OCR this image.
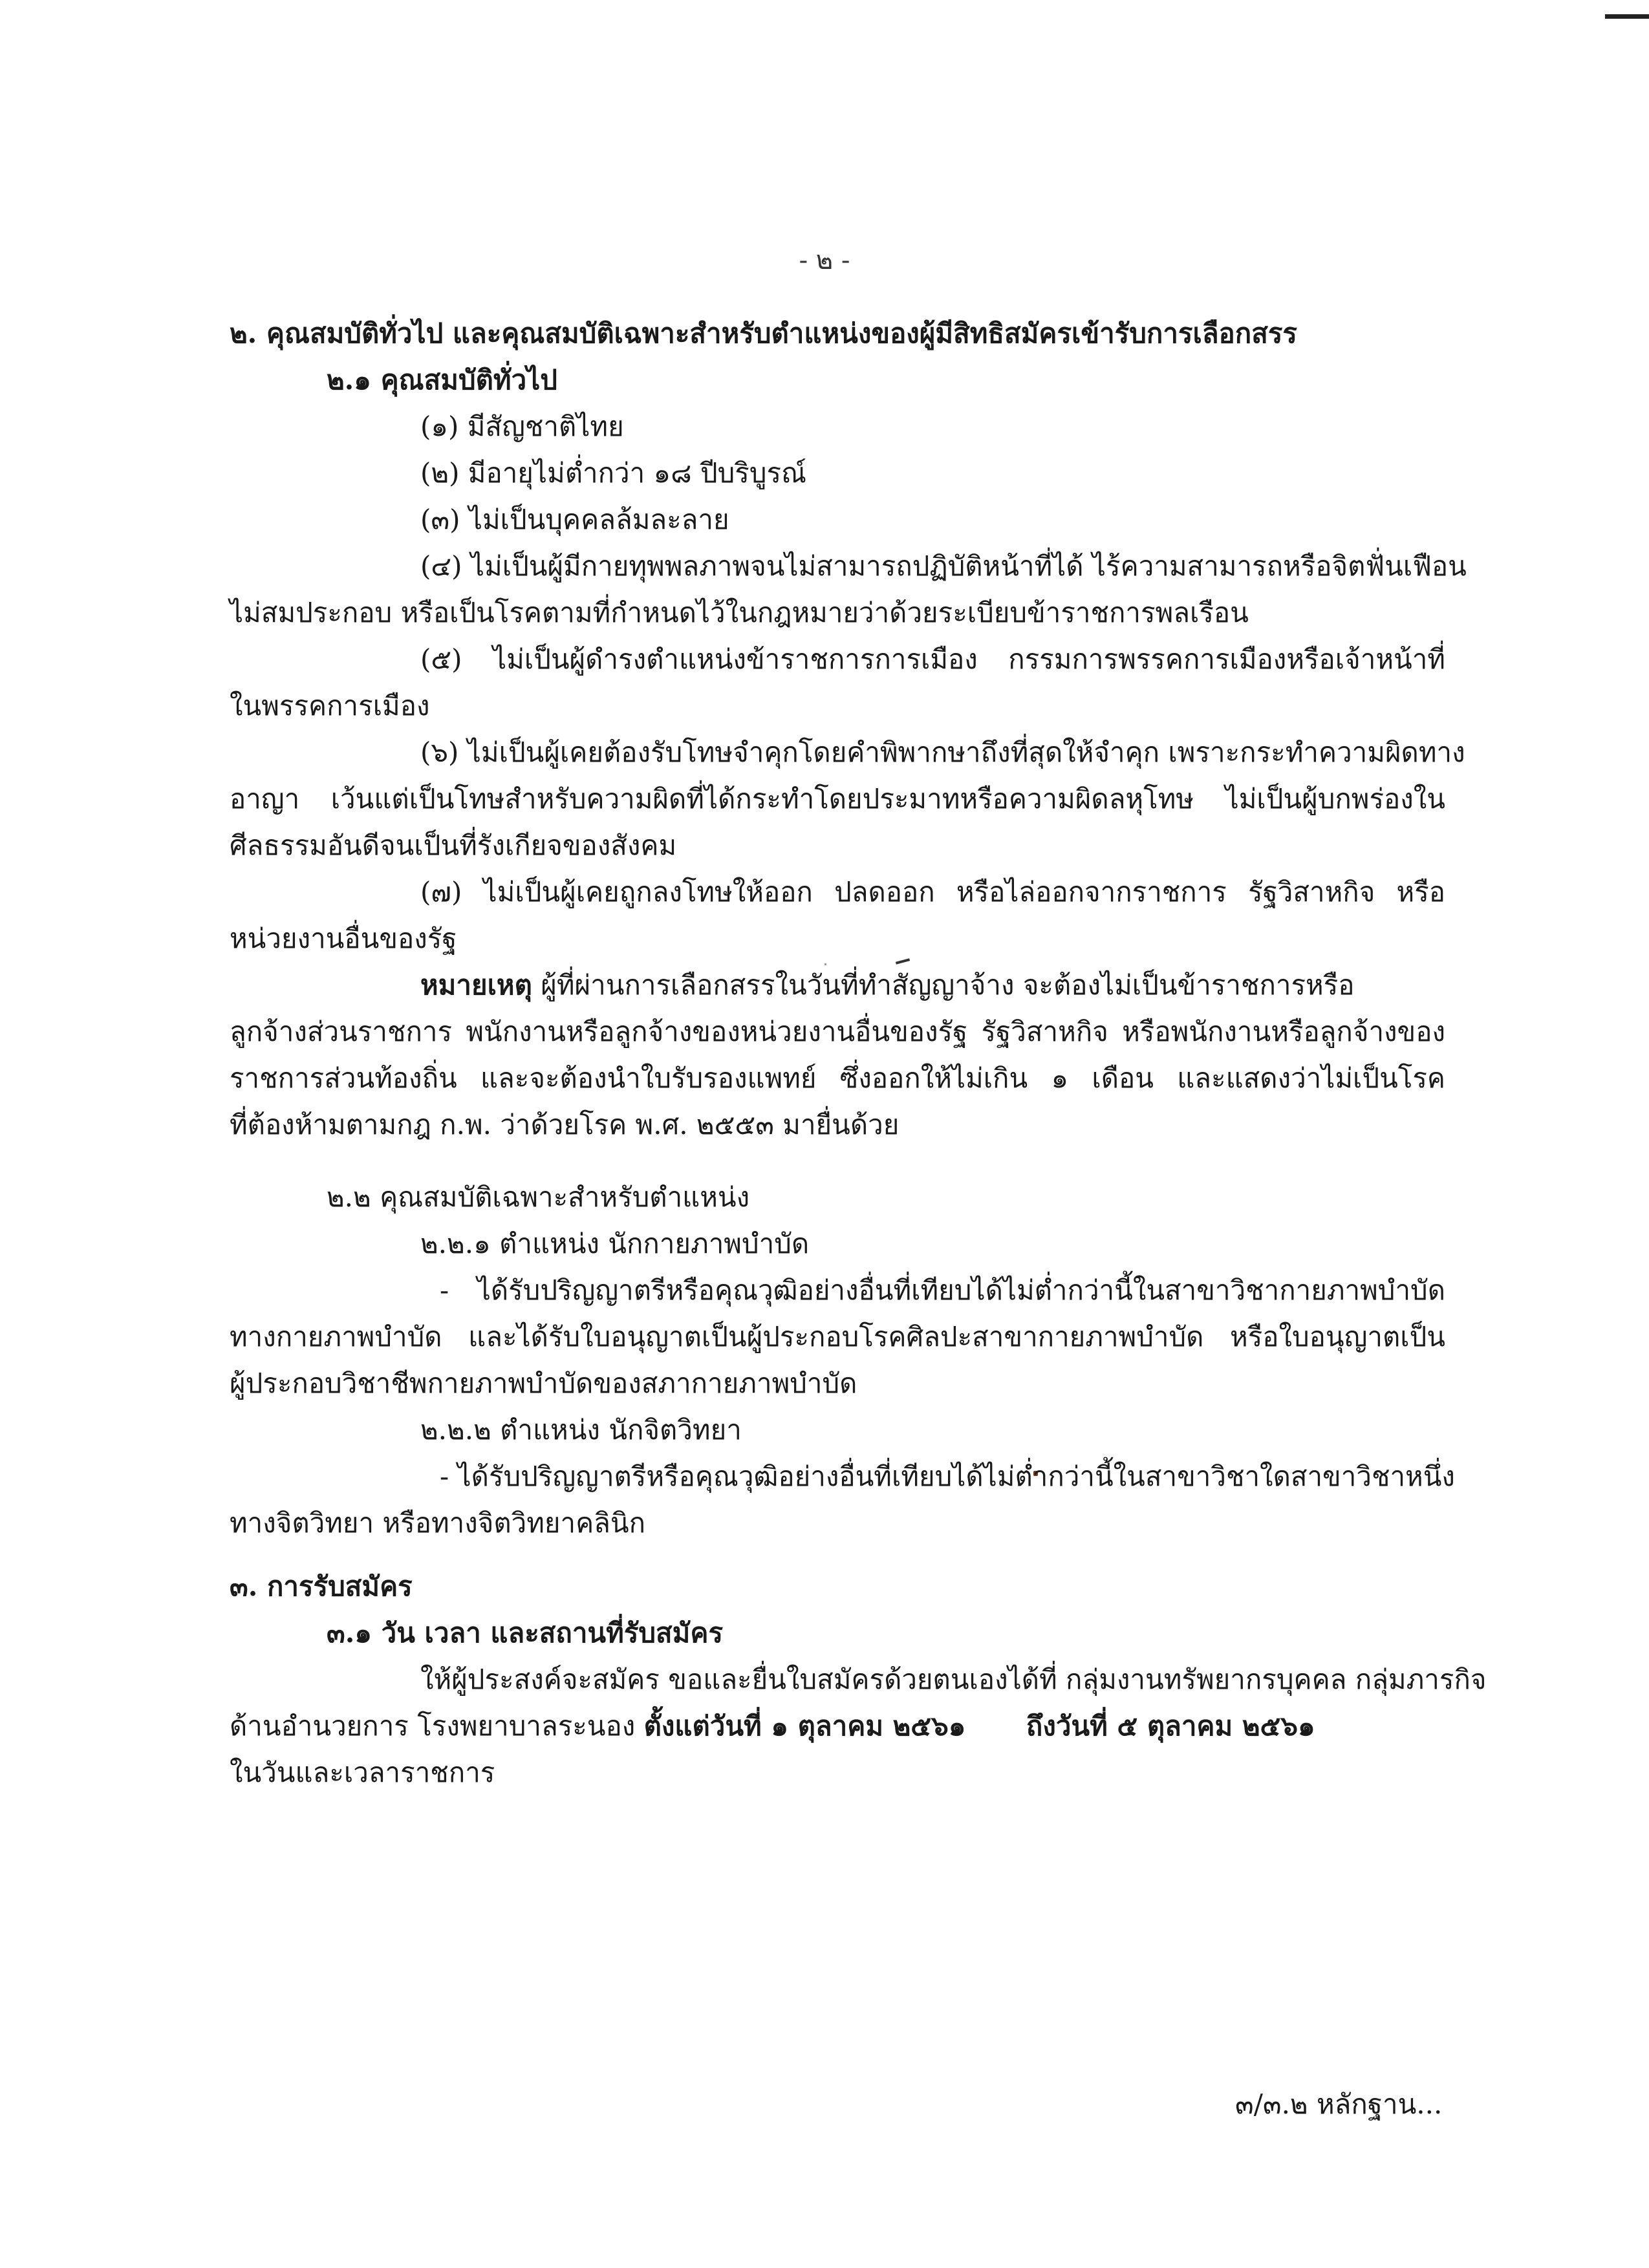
- ๒ -

๒. คุณสมบัติทั่วไป และคุณสมบัติเฉพาะสำหรับตำแหน่งของผู้มีสิทธิสมัครเข้ารับการเลือกสรร

๒.๑ คุณสมบัติทั่วไป

(๑) มีสัญชาติไทย

(๒) มีอายุไม่ต่ำกว่า ๑๘ ปีบริบูรณ์

(๓) ไม่เป็นบุคคลล้มละลาย

(๔) ไม่เป็นผู้มีกายทุพพลภาพจนไม่สามารถปฏิบัติหน้าที่ได้ ไร้ความสามารถหรือจิตฟั่นเฟือน

ไม่สมประกอบ หรือเป็นโรคตามที่กำหนดไว้ในกฎหมายว่าด้วยระเบียบข้าราชการพลเรือน

(๕) ไม่เป็นผู้ดำรงตำแหน่งข้าราชการการเมือง กรรมการพรรคการเมืองหรือเจ้าหน้าที่

ในพรรคการเมือง

(๖) ไม่เป็นผู้เคยต้องรับโทษจำคุกโดยคำพิพากษาถึงที่สุดให้จำคุก เพราะกระทำความผิดทาง

อาญา เว้นแต่เป็นโทษสำหรับความผิดที่ได้กระทำโดยประมาทหรือความผิดลหุโทษ ไม่เป็นผู้บกพร่องใน

ศีลธรรมอันดีจนเป็นที่รังเกียจของสังคม

(๗) ไม่เป็นผู้เคยถูกลงโทษให้ออก ปลดออก หรือไล่ออกจากราชการ รัฐวิสาหกิจ หรือ

หน่วยงานอื่นของรัฐ

หมายเหตุ ผู้ที่ผ่านการเลือกสรรในวันที่ทำสัญญาจ้าง จะต้องไม่เป็นข้าราชการหรือ

ลูกจ้างส่วนราชการ พนักงานหรือลูกจ้างของหน่วยงานอื่นของรัฐ รัฐวิสาหกิจ หรือพนักงานหรือลูกจ้างของ

ราชการส่วนท้องถิ่น และจะต้องนำใบรับรองแพทย์ ซึ่งออกให้ไม่เกิน ๑ เดือน และแสดงว่าไม่เป็นโรค

ที่ต้องห้ามตามกฎ ก.พ. ว่าด้วยโรค พ.ศ. ๒๕๕๓ มายื่นด้วย

๒.๒ คุณสมบัติเฉพาะสำหรับตำแหน่ง

๒.๒.๑ ตำแหน่ง นักกายภาพบำบัด

- ได้รับปริญญาตรีหรือคุณวุฒิอย่างอื่นที่เทียบได้ไม่ต่ำกว่านี้ในสาขาวิชากายภาพบำบัด

ทางกายภาพบำบัด และได้รับใบอนุญาตเป็นผู้ประกอบโรคศิลปะสาขากายภาพบำบัด หรือใบอนุญาตเป็น

ผู้ประกอบวิชาชีพกายภาพบำบัดของสภากายภาพบำบัด

๒.๒.๒ ตำแหน่ง นักจิตวิทยา

- ได้รับปริญญาตรีหรือคุณวุฒิอย่างอื่นที่เทียบได้ไม่ต่ำกว่านี้ในสาขาวิชาใดสาขาวิชาหนึ่ง

ทางจิตวิทยา หรือทางจิตวิทยาคลินิก

๓. การรับสมัคร

๓.๑ วัน เวลา และสถานที่รับสมัคร

ให้ผู้ประสงค์จะสมัคร ขอและยื่นใบสมัครด้วยตนเองได้ที่ กลุ่มงานทรัพยากรบุคคล กลุ่มภารกิจ

ด้านอำนวยการ โรงพยาบาลระนอง ตั้งแต่วันที่ ๑ ตุลาคม ๒๕๖๑ ถึงวันที่ ๕ ตุลาคม ๒๕๖๑

ในวันและเวลาราชการ

๓/๓.๒ หลักฐาน...
